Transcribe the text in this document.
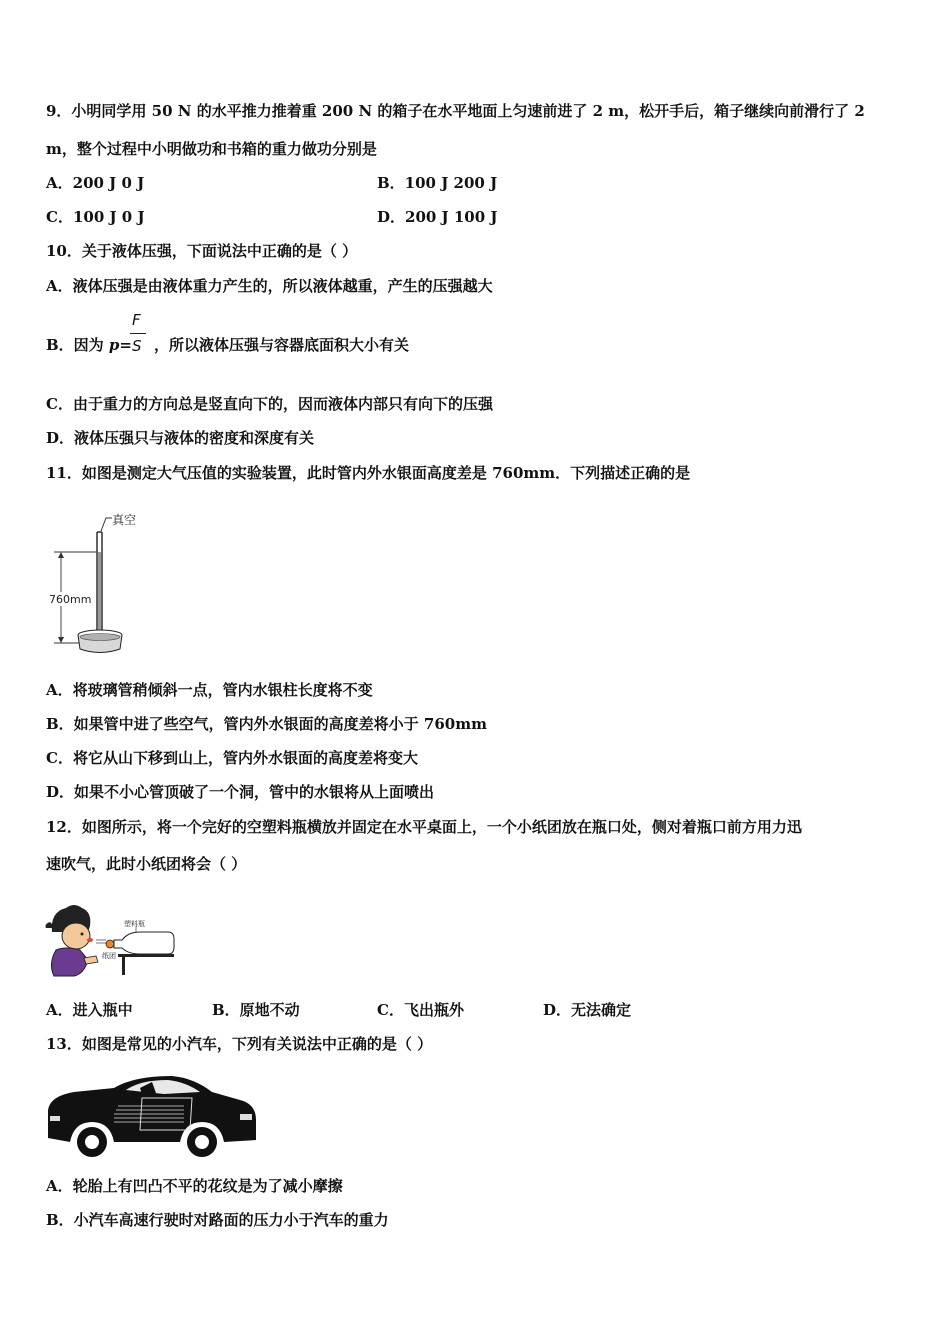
9．小明同学用 50 N 的水平推力推着重 200 N 的箱子在水平地面上匀速前进了 2 m，松开手后，箱子继续向前滑行了 2
m，整个过程中小明做功和书箱的重力做功分别是
A．200 J 0 J	B．100 J 200 J
C．100 J 0 J	D．200 J 100 J
10．关于液体压强，下面说法中正确的是（ ）
A．液体压强是由液体重力产生的，所以液体越重，产生的压强越大
B．因为 p= ，所以液体压强与容器底面积大小有关
F
S
C．由于重力的方向总是竖直向下的，因而液体内部只有向下的压强
D．液体压强只与液体的密度和深度有关
11．如图是测定大气压值的实验装置，此时管内外水银面高度差是 760mm．下列描述正确的是
真空
760mm
A．将玻璃管稍倾斜一点，管内水银柱长度将不变
B．如果管中进了些空气，管内外水银面的高度差将小于 760mm
C．将它从山下移到山上，管内外水银面的高度差将变大
D．如果不小心管顶破了一个洞，管中的水银将从上面喷出
12．如图所示，将一个完好的空塑料瓶横放并固定在水平桌面上，一个小纸团放在瓶口处，侧对着瓶口前方用力迅
速吹气，此时小纸团将会（ ）
塑料瓶
纸团
A．进入瓶中	B．原地不动	C．飞出瓶外	D．无法确定
13．如图是常见的小汽车，下列有关说法中正确的是（ ）
A．轮胎上有凹凸不平的花纹是为了减小摩擦
B．小汽车高速行驶时对路面的压力小于汽车的重力
